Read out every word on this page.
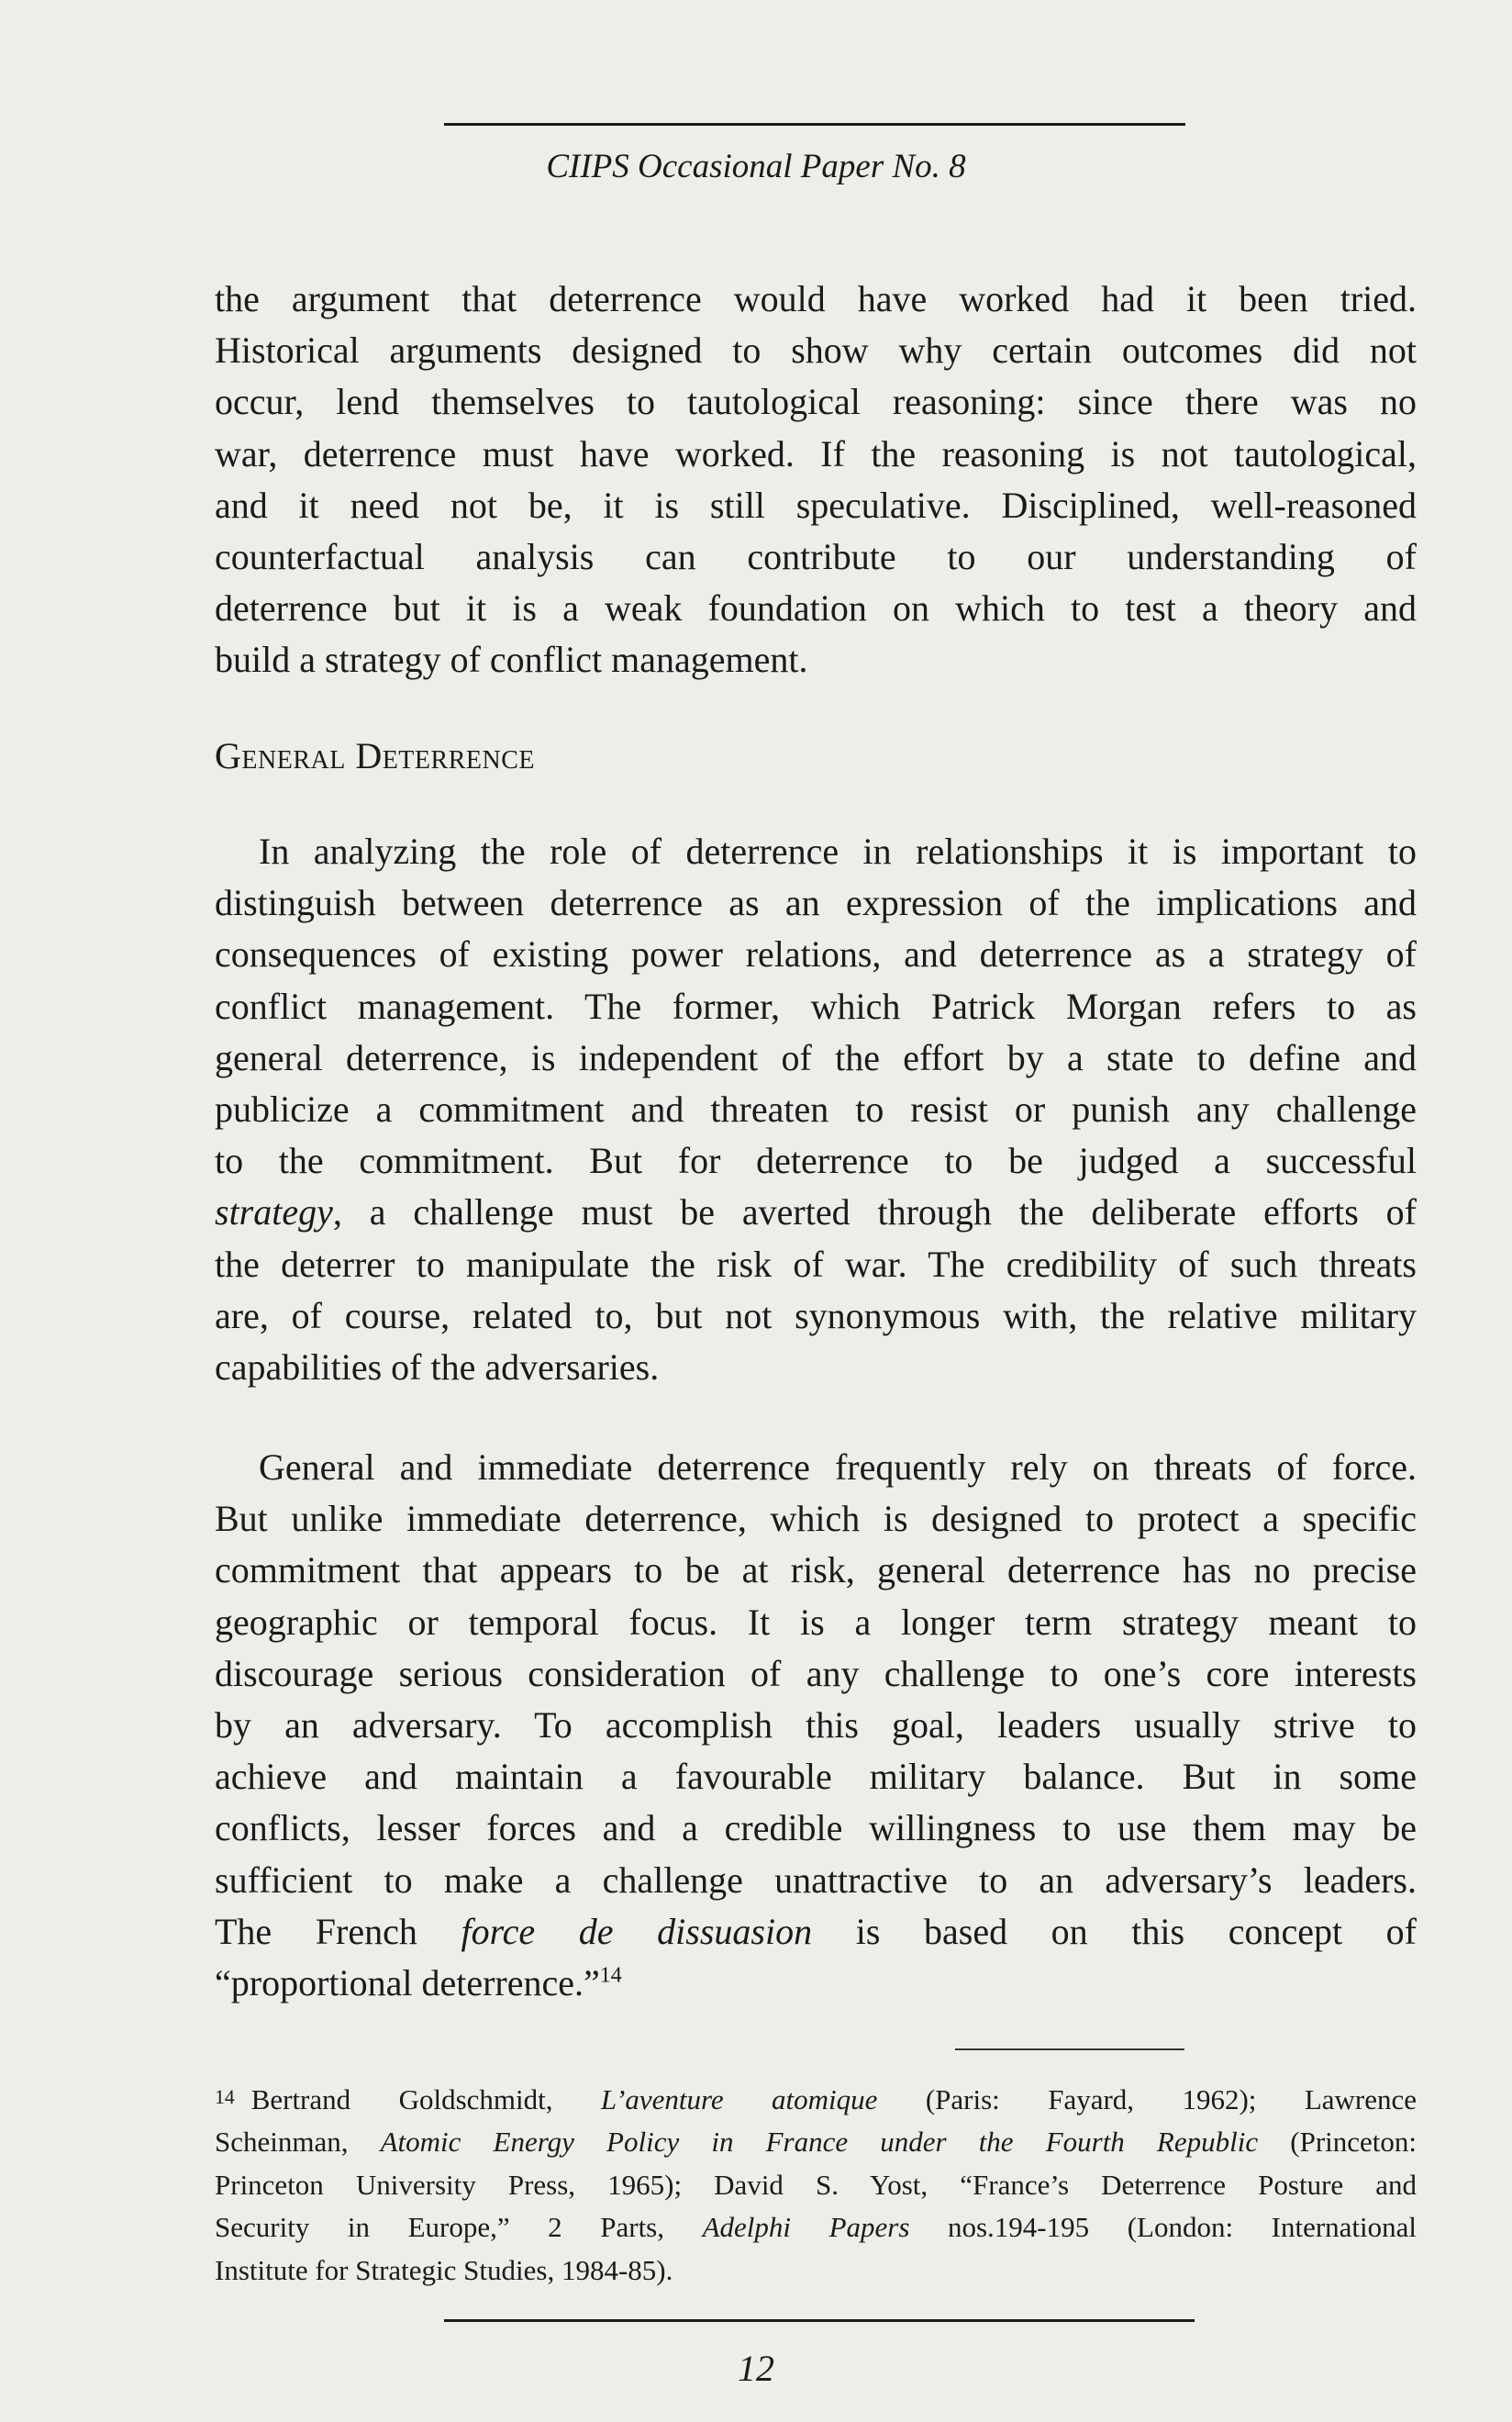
CIIPS Occasional Paper No. 8
the argument that deterrence would have worked had it been tried.
Historical arguments designed to show why certain outcomes did not
occur, lend themselves to tautological reasoning: since there was no
war, deterrence must have worked. If the reasoning is not tautological,
and it need not be, it is still speculative. Disciplined, well-reasoned
counterfactual analysis can contribute to our understanding of
deterrence but it is a weak foundation on which to test a theory and
build a strategy of conflict management.
General Deterrence
In analyzing the role of deterrence in relationships it is important to
distinguish between deterrence as an expression of the implications and
consequences of existing power relations, and deterrence as a strategy of
conflict management. The former, which Patrick Morgan refers to as
general deterrence, is independent of the effort by a state to define and
publicize a commitment and threaten to resist or punish any challenge
to the commitment. But for deterrence to be judged a successful
strategy, a challenge must be averted through the deliberate efforts of
the deterrer to manipulate the risk of war. The credibility of such threats
are, of course, related to, but not synonymous with, the relative military
capabilities of the adversaries.
General and immediate deterrence frequently rely on threats of force.
But unlike immediate deterrence, which is designed to protect a specific
commitment that appears to be at risk, general deterrence has no precise
geographic or temporal focus. It is a longer term strategy meant to
discourage serious consideration of any challenge to one’s core interests
by an adversary. To accomplish this goal, leaders usually strive to
achieve and maintain a favourable military balance. But in some
conflicts, lesser forces and a credible willingness to use them may be
sufficient to make a challenge unattractive to an adversary’s leaders.
The French force de dissuasion is based on this concept of
“proportional deterrence.”$^{14}$
14 Bertrand Goldschmidt, L’aventure atomique (Paris: Fayard, 1962); Lawrence
Scheinman, Atomic Energy Policy in France under the Fourth Republic (Princeton:
Princeton University Press, 1965); David S. Yost, “France’s Deterrence Posture and
Security in Europe,” 2 Parts, Adelphi Papers nos.194-195 (London: International
Institute for Strategic Studies, 1984-85).
12
